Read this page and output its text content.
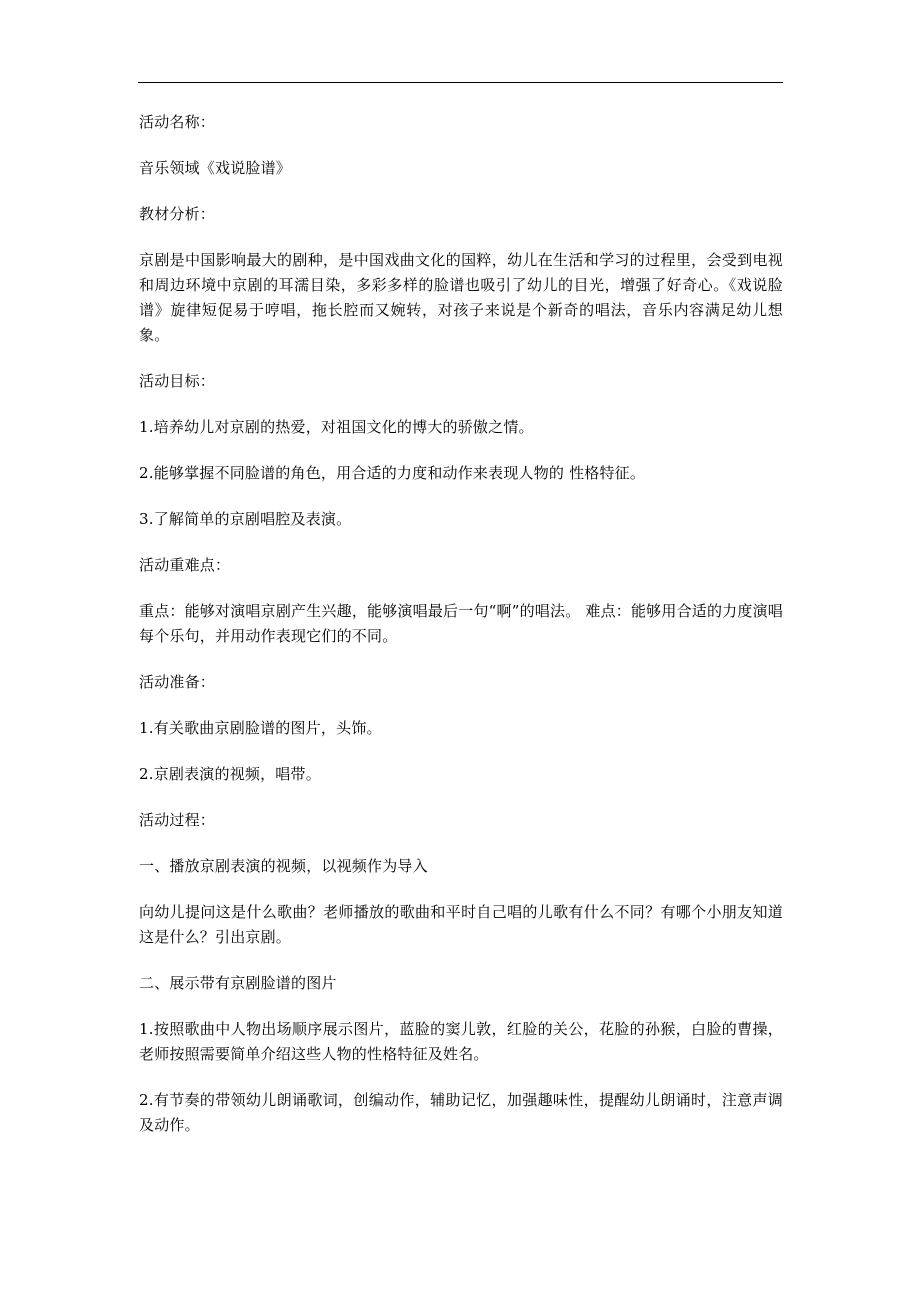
活动名称：

音乐领域《戏说脸谱》

教材分析：

京剧是中国影响最大的剧种，是中国戏曲文化的国粹，幼儿在生活和学习的过程里，会受到电视和周边环境中京剧的耳濡目染，多彩多样的脸谱也吸引了幼儿的目光，增强了好奇心。《戏说脸谱》旋律短促易于哼唱，拖长腔而又婉转，对孩子来说是个新奇的唱法，音乐内容满足幼儿想象。

活动目标：

1.培养幼儿对京剧的热爱，对祖国文化的博大的骄傲之情。

2.能够掌握不同脸谱的角色，用合适的力度和动作来表现人物的 性格特征。

3.了解简单的京剧唱腔及表演。

活动重难点：

重点：能够对演唱京剧产生兴趣，能够演唱最后一句“啊”的唱法。 难点：能够用合适的力度演唱每个乐句，并用动作表现它们的不同。

活动准备：

1.有关歌曲京剧脸谱的图片，头饰。

2.京剧表演的视频，唱带。

活动过程：

一、播放京剧表演的视频，以视频作为导入

向幼儿提问这是什么歌曲？老师播放的歌曲和平时自己唱的儿歌有什么不同？有哪个小朋友知道这是什么？引出京剧。

二、展示带有京剧脸谱的图片

1.按照歌曲中人物出场顺序展示图片，蓝脸的窦儿敦，红脸的关公，花脸的孙猴，白脸的曹操，老师按照需要简单介绍这些人物的性格特征及姓名。

2.有节奏的带领幼儿朗诵歌词，创编动作，辅助记忆，加强趣味性，提醒幼儿朗诵时，注意声调及动作。
